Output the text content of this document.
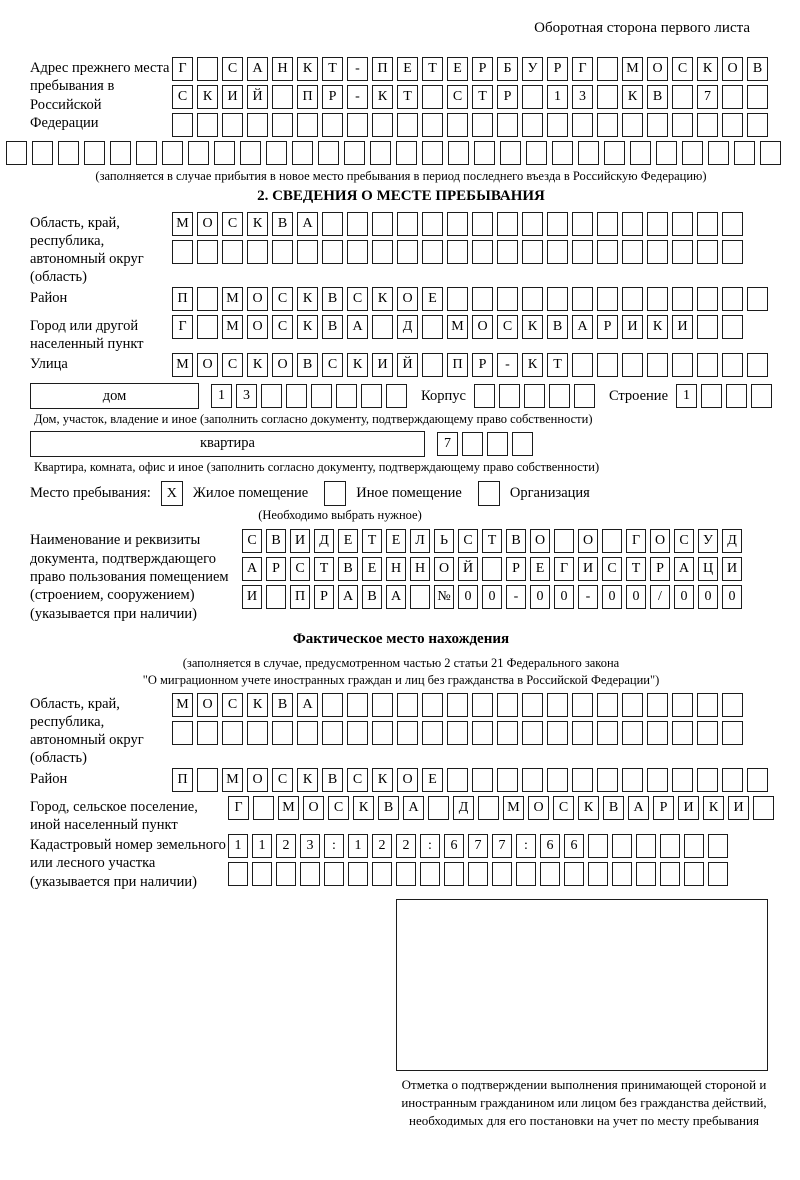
Оборотная сторона первого листа
Адрес прежнего места пребывания в Российской Федерации
Г	С	А	Н	К	Т	-	П	Е	Т	Е	Р	Б	У	Р	Г	М О	С	К	О	В
С	К	И	Й	П	Р	-	К	Т	С	Т	Р	1	3	К	В	7
(заполняется в случае прибытия в новое место пребывания в период последнего въезда в Российскую Федерацию)
2. СВЕДЕНИЯ О МЕСТЕ ПРЕБЫВАНИЯ
Область, край, республика, автономный округ (область)
М О	С	К	В	А
Район	П	М О	С	К	В	С	К	О	Е
Город или другой населенный пункт
Г	М О	С	К	В	А	Д	М О	С	К	В	А	Р	И	К	И
Улица	М О	С	К	О	В	С	К	И	Й	П	Р	-	К	Т
дом	1	3	Корпус	Строение	1
Дом, участок, владение и иное (заполнить согласно документу, подтверждающему право собственности)
квартира	7
Квартира, комната, офис и иное (заполнить согласно документу, подтверждающему право собственности)
Место пребывания:	X	Жилое помещение	Иное помещение	Организация
(Необходимо выбрать нужное)
Наименование и реквизиты документа, подтверждающего право пользования помещением (строением, сооружением) (указывается при наличии)
С	В	И	Д	Е	Т	Е	Л	Ь	С	Т	В	О	О	Г	О	С	У	Д
А	Р	С	Т	В	Е	Н Н О Й	Р	Е	Г	И	С	Т	Р	А Ц И
И	П	Р	А	В	А	№ 0	0	-	0	0	-	0	0	/	0	0	0
Фактическое место нахождения
(заполняется в случае, предусмотренном частью 2 статьи 21 Федерального закона
"О миграционном учете иностранных граждан и лиц без гражданства в Российской Федерации")
Область, край, республика, автономный округ (область)
М О	С	К	В	А
Район	П	М О	С	К	В	С	К	О	Е
Город, сельское поселение, иной населенный пункт
Г	М О	С	К	В	А	Д	М О	С	К	В	А	Р	И	К	И
Кадастровый номер земельного или лесного участка (указывается при наличии)
1	1	2	3	:	1	2	2	:	6	7	7	:	6	6
Отметка о подтверждении выполнения принимающей стороной и иностранным гражданином или лицом без гражданства действий, необходимых для его постановки на учет по месту пребывания
